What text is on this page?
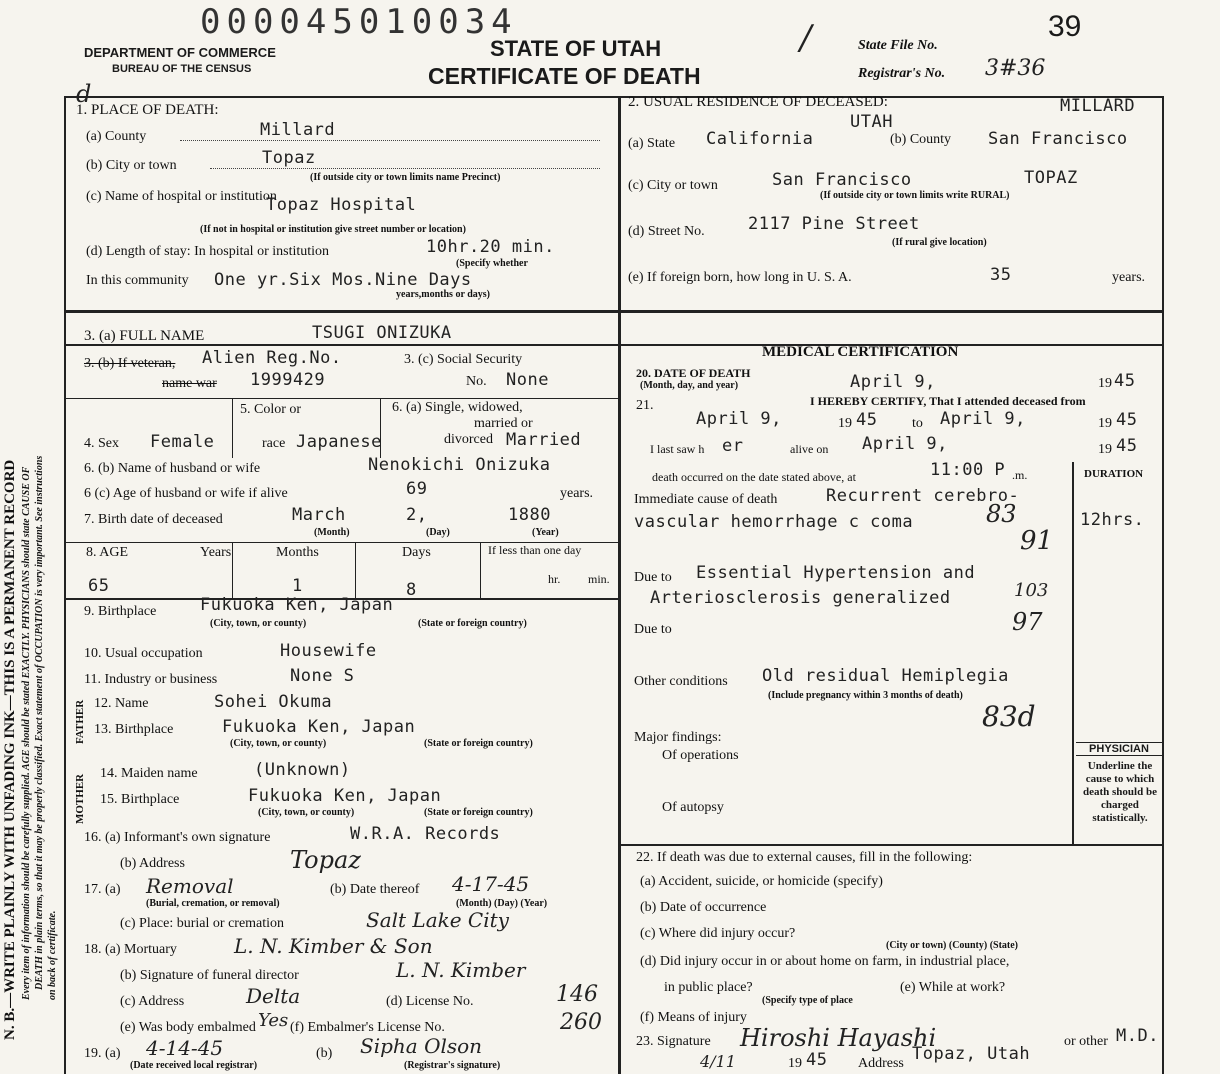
N. B.—WRITE PLAINLY WITH UNFADING INK—THIS IS A PERMANENT RECORD Every item of information should be carefully supplied. AGE should be stated EXACTLY. PHYSICIANS should state CAUSE OF DEATH in plain terms, so that it may be properly classified. Exact statement of OCCUPATION is very important. See instructions on back of certificate.
000045010034
DEPARTMENT OF COMMERCE
BUREAU OF THE CENSUS
d
STATE OF UTAH
CERTIFICATE OF DEATH
/	State File No.
39
Registrar's No. 3#36
1. PLACE OF DEATH:
(a) County	Millard
(b) City or town	Topaz
(If outside city or town limits name Precinct)
(c) Name of hospital or institution
Topaz Hospital
(If not in hospital or institution give street number or location)
(d) Length of stay: In hospital or institution	10hr.20 min.
(Specify whether
In this community One yr.Six Mos.Nine Days
years,months or days)
2. USUAL RESIDENCE OF DECEASED:	MILLARD
UTAH
(a) State California	(b) County San Francisco
(c) City or town	San Francisco	TOPAZ
(If outside city or town limits write RURAL)
(d) Street No.	2117 Pine Street
(If rural give location)
(e) If foreign born, how long in U. S. A.	35	years.
3. (a) FULL NAME	TSUGI ONIZUKA
3. (b) If veteran, Alien Reg.No.
name war 1999429
3. (c) Social Security
No. None
4. Sex Female
5. Color or
race Japanese
6. (a) Single, widowed,
married or
divorced Married
6. (b) Name of husband or wife	Nenokichi Onizuka
6 (c) Age of husband or wife if alive	69	years.
7. Birth date of deceased	March	2,	1880
(Month)	(Day)	(Year)
8. AGE	Years	Months	Days	If less than one day
65	1	8
hr. min.
9. Birthplace	Fukuoka Ken, Japan
(City, town, or county)	(State or foreign country)
10. Usual occupation	Housewife
11. Industry or business	None S
FATHER
MOTHER
12. Name	Sohei Okuma
13. Birthplace	Fukuoka Ken, Japan
(City, town, or county)	(State or foreign country)
14. Maiden name	(Unknown)
15. Birthplace	Fukuoka Ken, Japan
(City, town, or county)	(State or foreign country)
16. (a) Informant's own signature	W.R.A. Records
(b) Address	Topaz
17. (a) Removal
(Burial, cremation, or removal)
(b) Date thereof 4-17-45
(Month) (Day) (Year)
(c) Place: burial or cremation	Salt Lake City
18. (a) Mortuary	L. N. Kimber & Son
(b) Signature of funeral director	L. N. Kimber
(c) Address	Delta	(d) License No.	146
(e) Was body embalmed Yes (f) Embalmer's License No.	260
19. (a) 4-14-45
(Date received local registrar)
(b) Sipha Olson
(Registrar's signature)
MEDICAL CERTIFICATION
20. DATE OF DEATH
(Month, day, and year)	April 9,	19 45
21.	I HEREBY CERTIFY, That I attended deceased from
April 9,	19 45 to April 9,	19 45
I last saw h er	alive on April 9,	19 45
death occurred on the date stated above, at	11:00 P .m.	DURATION
Immediate cause of death	Recurrent cerebro-
vascular hemorrhage c coma	12hrs.
83
91
Due to Essential Hypertension and
Arteriosclerosis generalized	103
Due to	97
Other conditions Old residual Hemiplegia
(Include pregnancy within 3 months of death)
83d
Major findings:
Of operations
Of autopsy
PHYSICIAN
Underline the cause to which death should be charged statistically.
22. If death was due to external causes, fill in the following:
(a) Accident, suicide, or homicide (specify)
(b) Date of occurrence
(c) Where did injury occur?
(City or town) (County) (State)
(d) Did injury occur in or about home on farm, in industrial place,
in public place?
(Specify type of place
(e) While at work?
(f) Means of injury
23. Signature Hiroshi Hayashi	or other M.D.
4/11	19 45 Address Topaz, Utah
